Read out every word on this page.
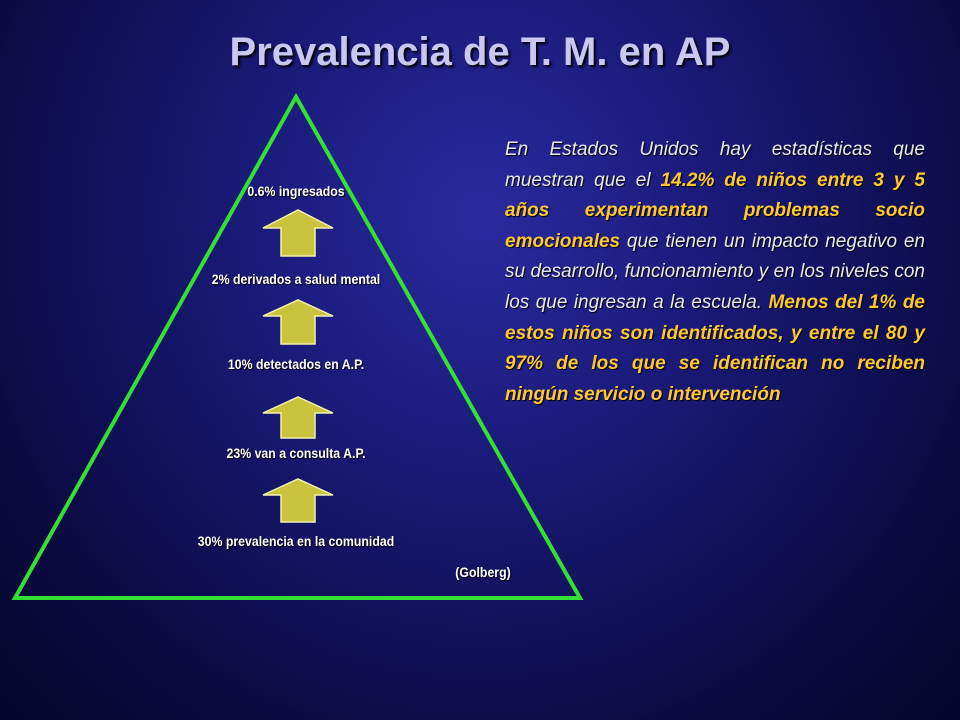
Prevalencia de T. M. en AP
0.6% ingresados
2% derivados a salud mental
10% detectados en A.P.
23% van a consulta A.P.
30% prevalencia en la comunidad
(Golberg)
En Estados Unidos hay estadísticas que muestran que el 14.2% de niños entre 3 y 5 años experimentan problemas socio emocionales que tienen un impacto negativo en su desarrollo, funcionamiento y en los niveles con los que ingresan a la escuela. Menos del 1% de estos niños son identificados, y entre el 80 y 97% de los que se identifican no reciben ningún servicio o intervención
